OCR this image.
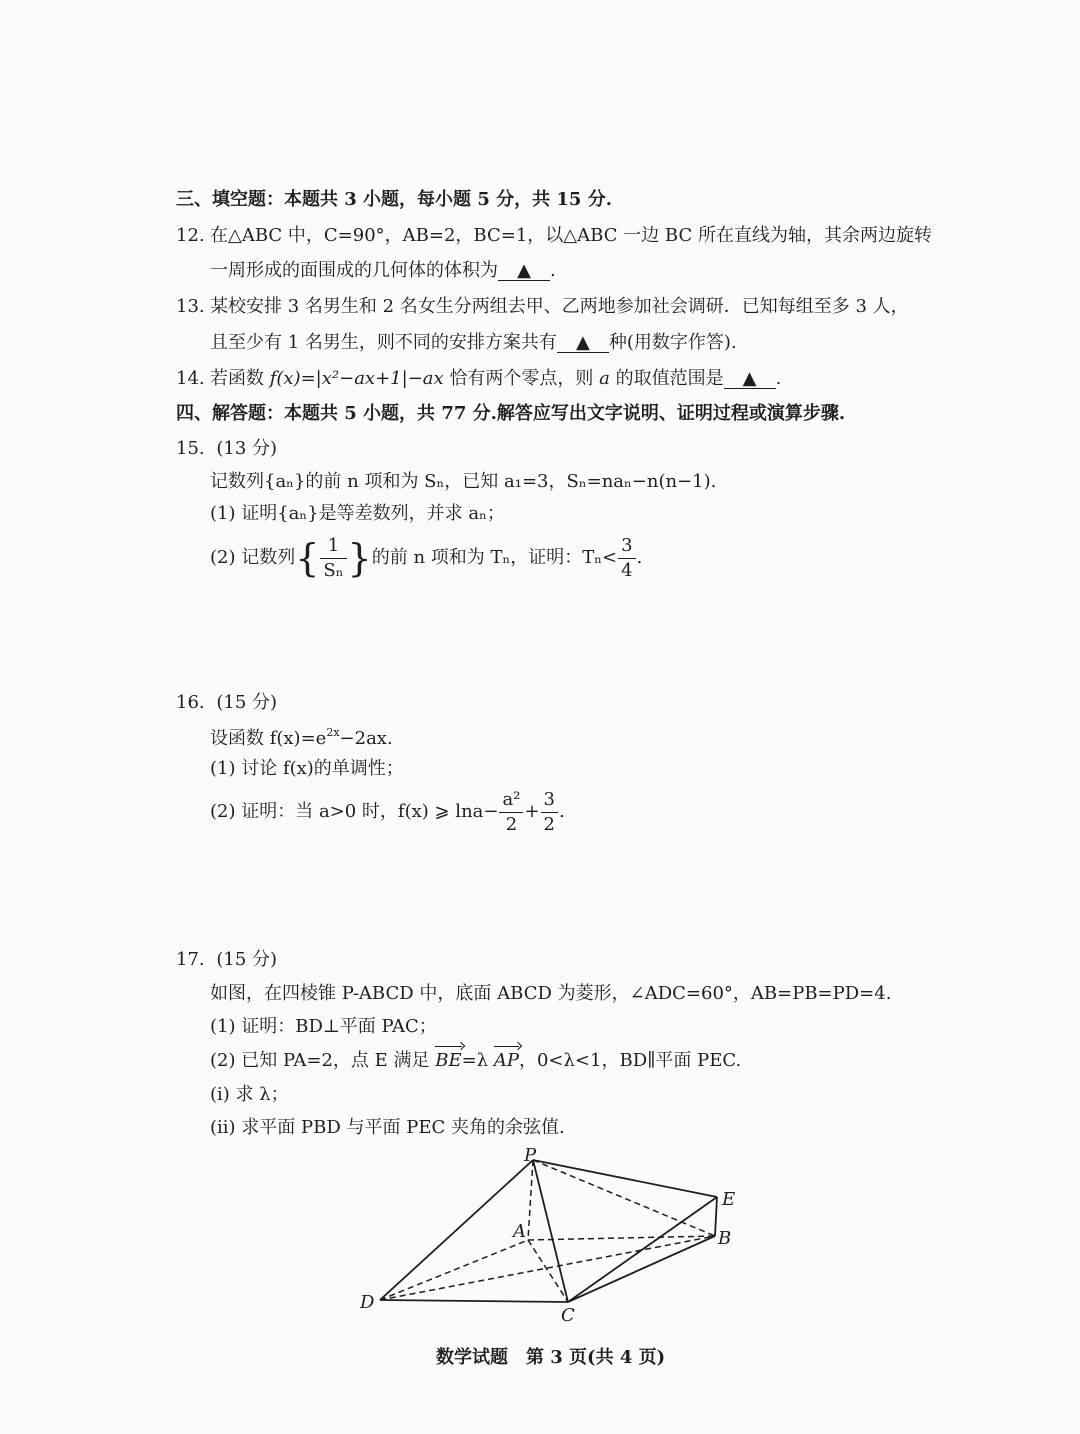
三、填空题：本题共 3 小题，每小题 5 分，共 15 分.
12. 在△ABC 中，C=90°，AB=2，BC=1，以△ABC 一边 BC 所在直线为轴，其余两边旋转
一周形成的面围成的几何体的体积为 ▲ .
13. 某校安排 3 名男生和 2 名女生分两组去甲、乙两地参加社会调研．已知每组至多 3 人，
且至少有 1 名男生，则不同的安排方案共有 ▲ 种(用数字作答).
14. 若函数 f(x)=|x²−ax+1|−ax 恰有两个零点，则 a 的取值范围是 ▲ .
四、解答题：本题共 5 小题，共 77 分.解答应写出文字说明、证明过程或演算步骤.
15. (13 分)
记数列{aₙ}的前 n 项和为 Sₙ，已知 a₁=3，Sₙ=naₙ−n(n−1).
(1) 证明{aₙ}是等差数列，并求 aₙ；
(2) 记数列 { $\frac{1}{\text{Sₙ}}$ } 的前 n 项和为 Tₙ，证明：$T_n< \frac{3}{4}$ .
16. (15 分)
设函数 $f(x)=e^{2x}-2ax$.
(1) 讨论 f(x)的单调性；
(2) 证明：当 a>0 时，f(x) ⩾ $\ln a- \frac{\text{a²}}{2} + \frac{3}{2}$ .
17. (15 分)
如图，在四棱锥 P-ABCD 中，底面 ABCD 为菱形，∠ADC=60°，AB=PB=PD=4.
(1) 证明：BD⊥平面 PAC；
(2) 已知 PA=2，点 E 满足 BE=λ AP，0<λ<1，BD∥平面 PEC.
(i) 求 λ；
(ii) 求平面 PBD 与平面 PEC 夹角的余弦值.
P
E
A	B
D
C
数学试题　第 3 页(共 4 页)
